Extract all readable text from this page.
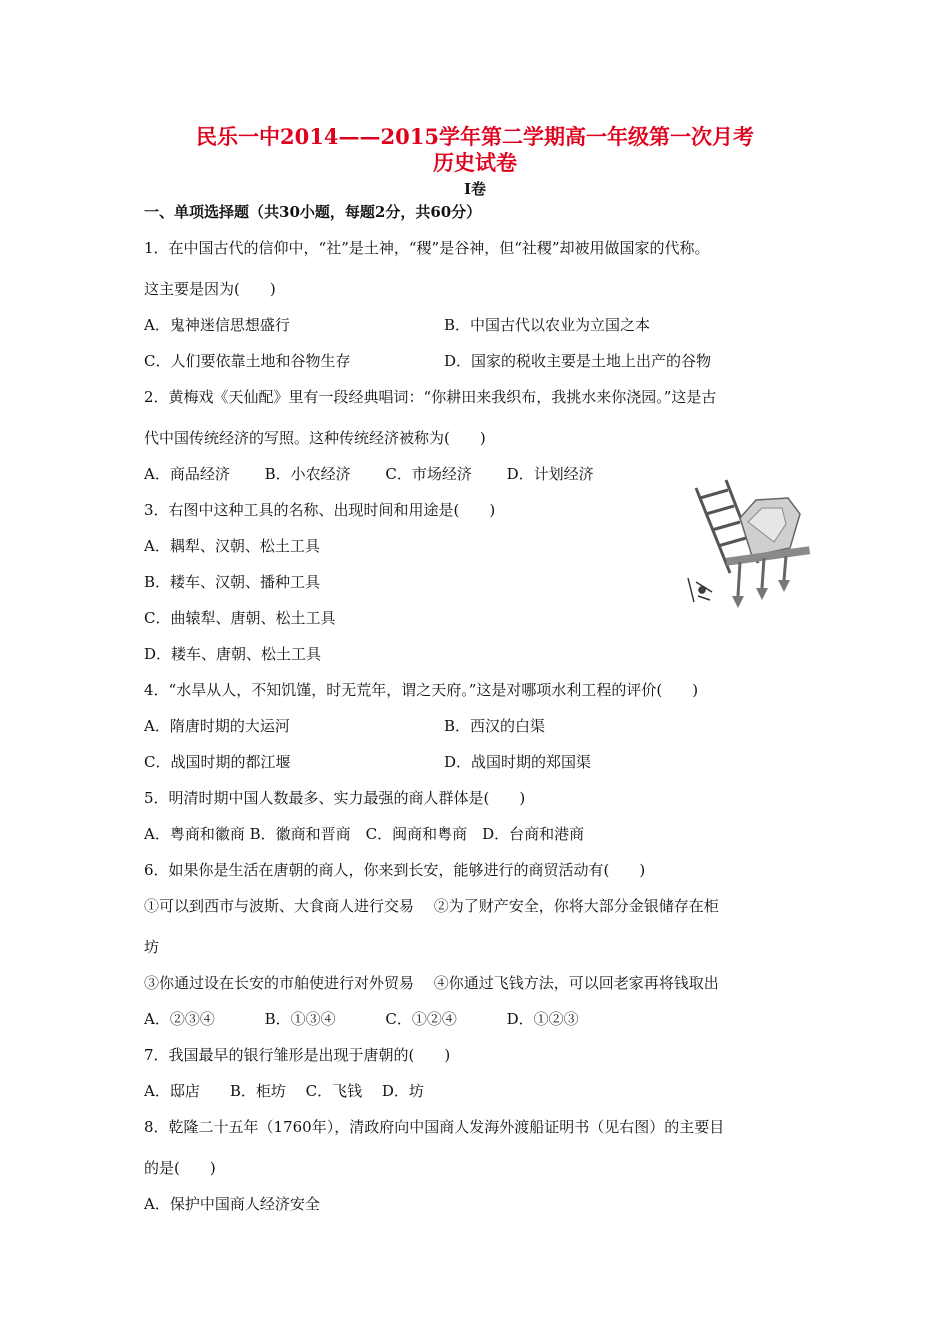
民乐一中2014——2015学年第二学期高一年级第一次月考
历史试卷
Ⅰ卷
一、单项选择题（共30小题，每题2分，共60分）
1．在中国古代的信仰中，“社”是土神，“稷”是谷神，但“社稷”却被用做国家的代称。
这主要是因为(　　)
A．鬼神迷信思想盛行	B．中国古代以农业为立国之本
C．人们要依靠土地和谷物生存	D．国家的税收主要是土地上出产的谷物
2．黄梅戏《天仙配》里有一段经典唱词：“你耕田来我织布，我挑水来你浇园。”这是古
代中国传统经济的写照。这种传统经济被称为(　　)
A．商品经济　　 B．小农经济　　 C．市场经济　　 D．计划经济
3．右图中这种工具的名称、出现时间和用途是(　　)
A．耦犁、汉朝、松土工具
B．耧车、汉朝、播种工具
C．曲辕犁、唐朝、松土工具
D．耧车、唐朝、松土工具
4．“水旱从人，不知饥馑，时无荒年，谓之天府。”这是对哪项水利工程的评价(　　)
A．隋唐时期的大运河	B．西汉的白渠
C．战国时期的都江堰	D．战国时期的郑国渠
5．明清时期中国人数最多、实力最强的商人群体是(　　)
A．粤商和徽商 B．徽商和晋商　C．闽商和粤商　D．台商和港商
6．如果你是生活在唐朝的商人，你来到长安，能够进行的商贸活动有(　　)
①可以到西市与波斯、大食商人进行交易　 ②为了财产安全，你将大部分金银储存在柜
坊
③你通过设在长安的市舶使进行对外贸易　 ④你通过飞钱方法，可以回老家再将钱取出
A．②③④　　　 B．①③④　　　 C．①②④　　　 D．①②③
7．我国最早的银行雏形是出现于唐朝的(　　)
A．邸店　　B．柜坊　 C．飞钱　 D．坊
8．乾隆二十五年（1760年），清政府向中国商人发海外渡船证明书（见右图）的主要目
的是(　　)
A．保护中国商人经济安全
